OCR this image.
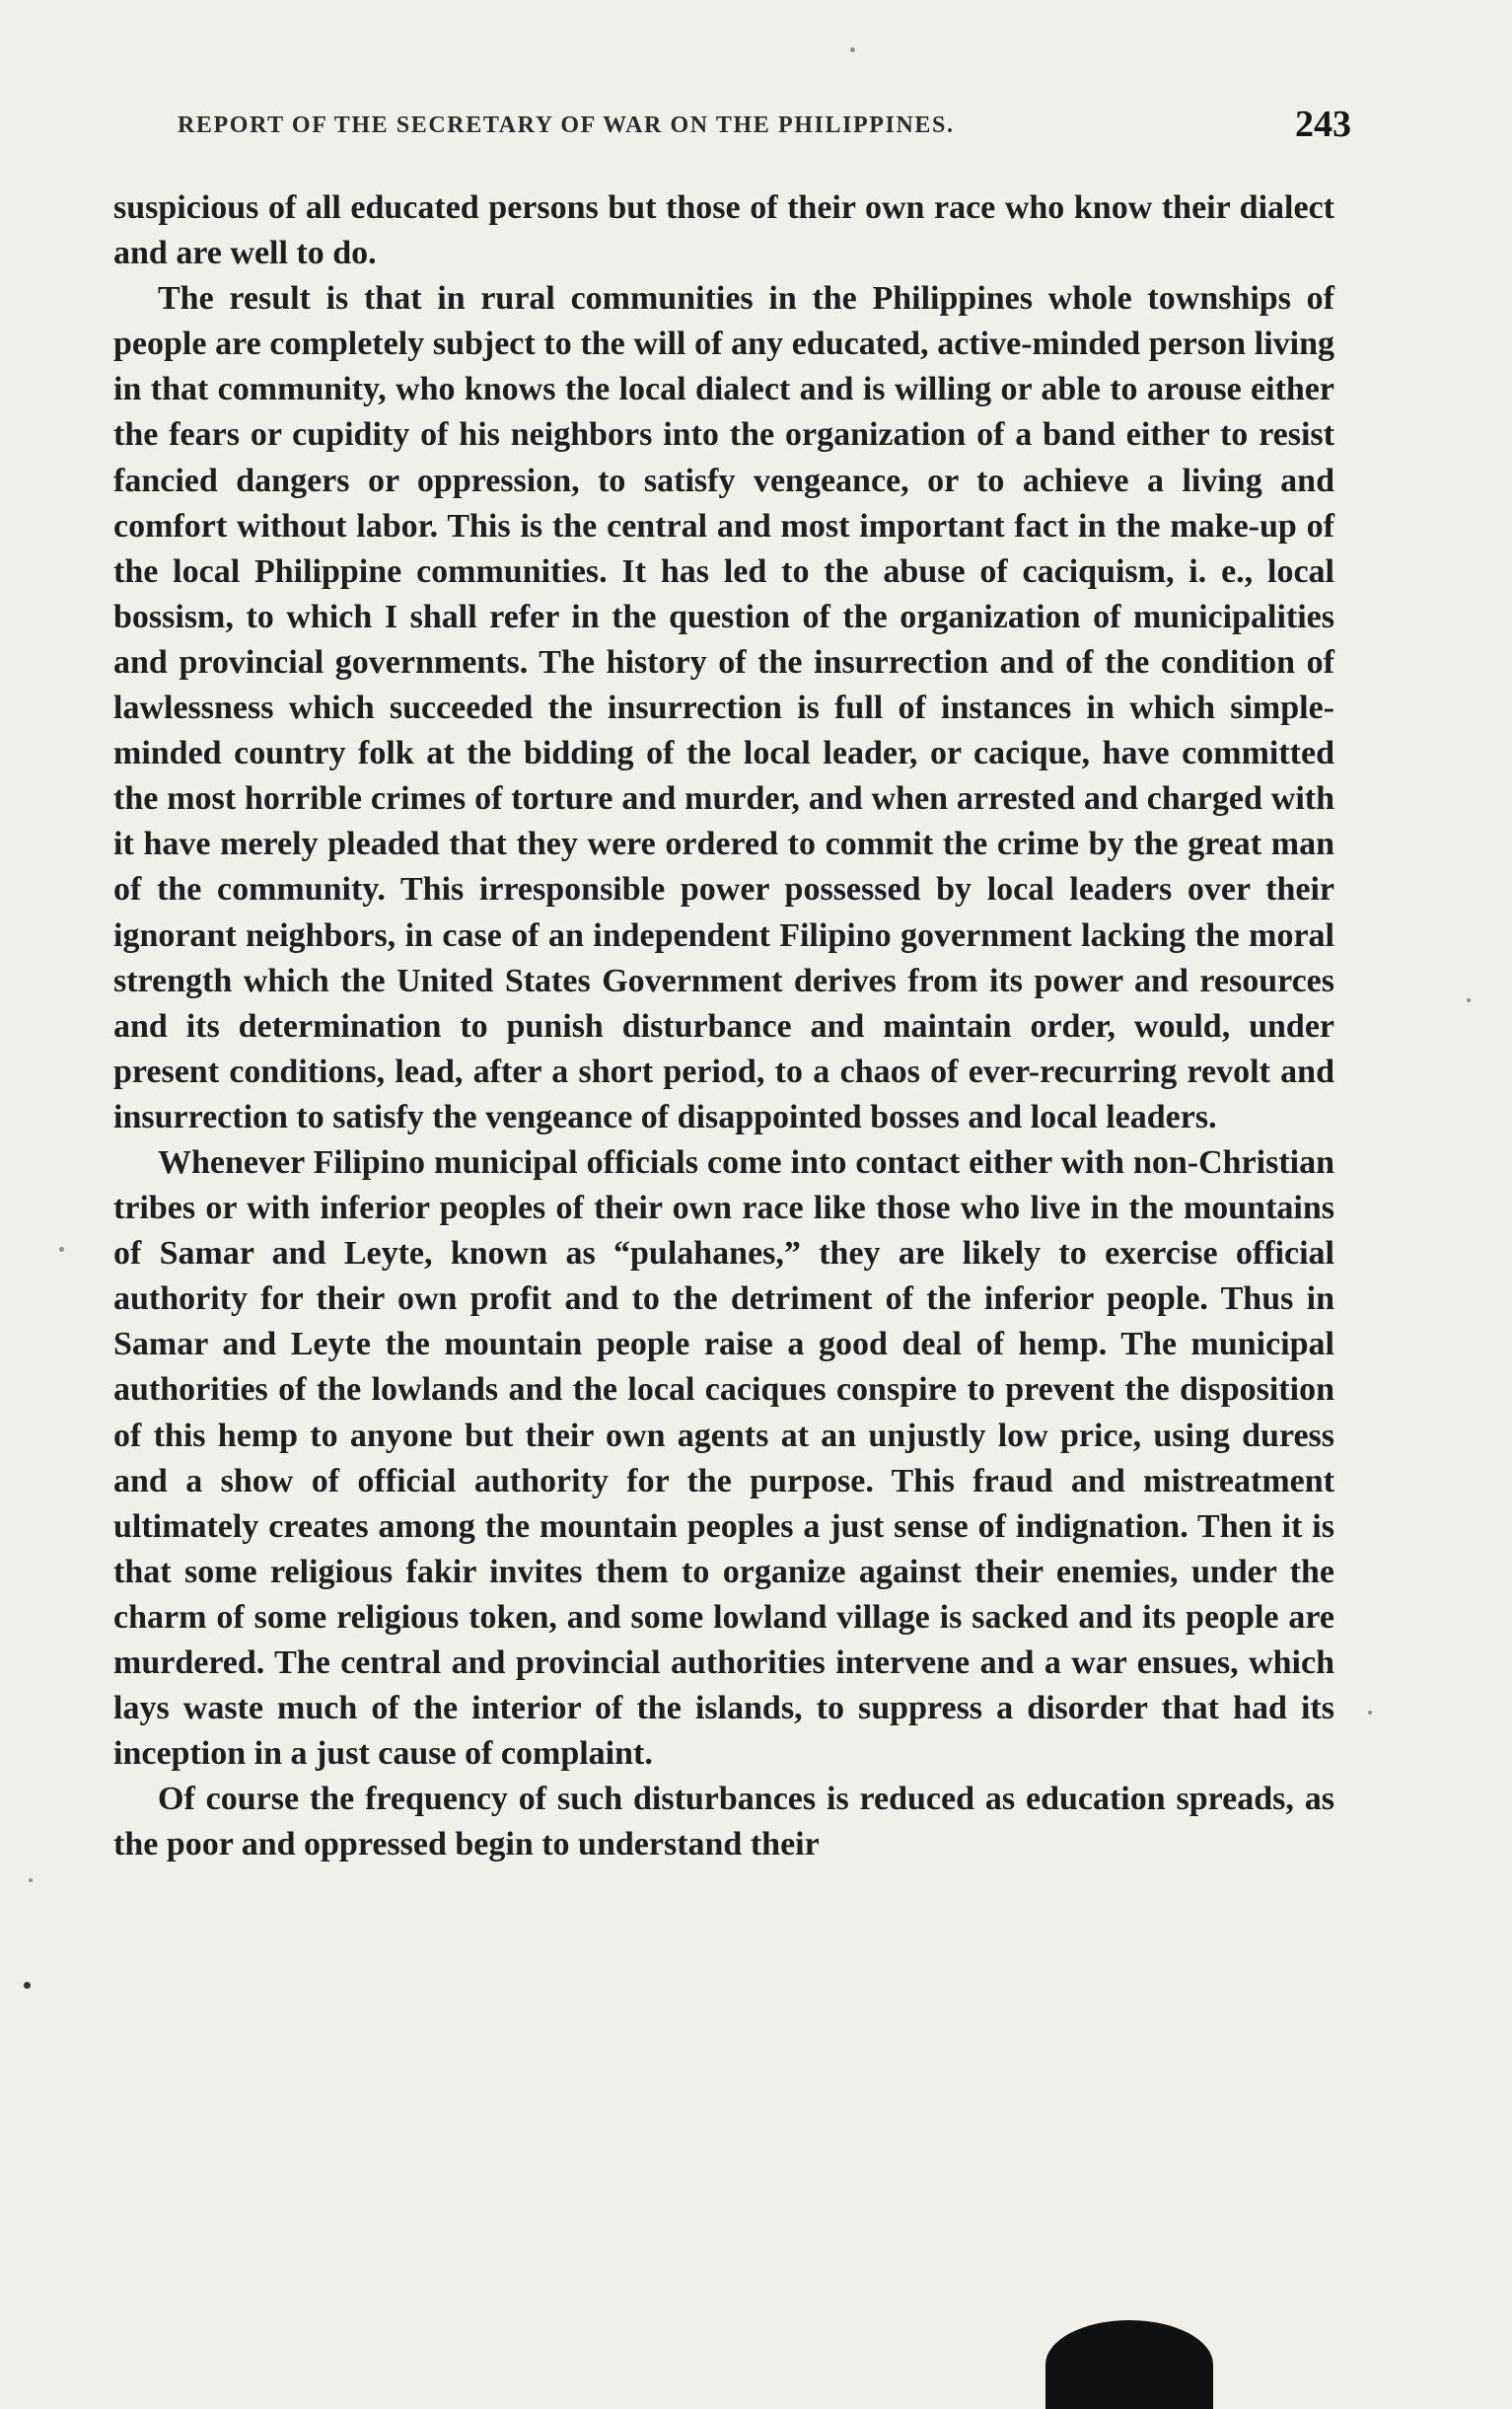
REPORT OF THE SECRETARY OF WAR ON THE PHILIPPINES.	243

suspicious of all educated persons but those of their own race who know their dialect and are well to do.

The result is that in rural communities in the Philippines whole townships of people are completely subject to the will of any educated, active-minded person living in that community, who knows the local dialect and is willing or able to arouse either the fears or cupidity of his neighbors into the organization of a band either to resist fancied dangers or oppression, to satisfy vengeance, or to achieve a living and comfort without labor. This is the central and most important fact in the make-up of the local Philippine communities. It has led to the abuse of caciquism, i. e., local bossism, to which I shall refer in the question of the organization of municipalities and provincial governments. The history of the insurrection and of the condition of lawlessness which succeeded the insurrection is full of instances in which simple-minded country folk at the bidding of the local leader, or cacique, have committed the most horrible crimes of torture and murder, and when arrested and charged with it have merely pleaded that they were ordered to commit the crime by the great man of the community. This irresponsible power possessed by local leaders over their ignorant neighbors, in case of an independent Filipino government lacking the moral strength which the United States Government derives from its power and resources and its determination to punish disturbance and maintain order, would, under present conditions, lead, after a short period, to a chaos of ever-recurring revolt and insurrection to satisfy the vengeance of disappointed bosses and local leaders.

Whenever Filipino municipal officials come into contact either with non-Christian tribes or with inferior peoples of their own race like those who live in the mountains of Samar and Leyte, known as “pulahanes,” they are likely to exercise official authority for their own profit and to the detriment of the inferior people. Thus in Samar and Leyte the mountain people raise a good deal of hemp. The municipal authorities of the lowlands and the local caciques conspire to prevent the disposition of this hemp to anyone but their own agents at an unjustly low price, using duress and a show of official authority for the purpose. This fraud and mistreatment ultimately creates among the mountain peoples a just sense of indignation. Then it is that some religious fakir invites them to organize against their enemies, under the charm of some religious token, and some lowland village is sacked and its people are murdered. The central and provincial authorities intervene and a war ensues, which lays waste much of the interior of the islands, to suppress a disorder that had its inception in a just cause of complaint.

Of course the frequency of such disturbances is reduced as education spreads, as the poor and oppressed begin to understand their
